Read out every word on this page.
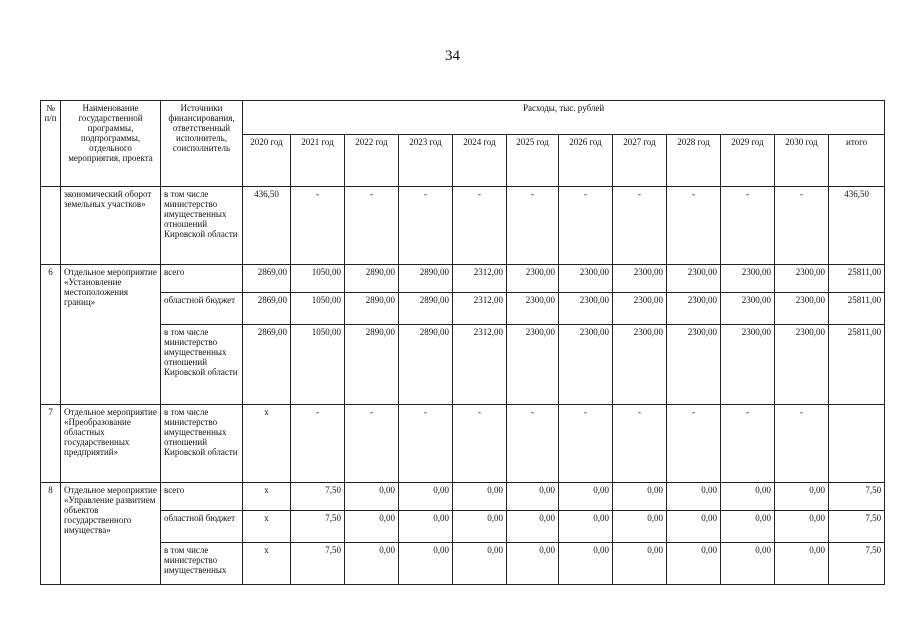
34
№ п/п	Наименование государственной программы, подпрограммы, отдельного мероприятия, проекта	Источники финансирования, ответственный исполнитель, соисполнитель	Расходы, тыс. рублей											
			2020 год	2021 год	2022 год	2023 год	2024 год	2025 год	2026 год	2027 год	2028 год	2029 год	2030 год	итого
	экономический оборот земельных участков»	в том числе министерство имущественных отношений Кировской области	436,50	-	-	-	-	-	-	-	-	-	-	436,50
6	Отдельное мероприятие «Установление местоположения границ»	всего	2869,00	1050,00	2890,00	2890,00	2312,00	2300,00	2300,00	2300,00	2300,00	2300,00	2300,00	25811,00
		областной бюджет	2869,00	1050,00	2890,00	2890,00	2312,00	2300,00	2300,00	2300,00	2300,00	2300,00	2300,00	25811,00
		в том числе министерство имущественных отношений Кировской области	2869,00	1050,00	2890,00	2890,00	2312,00	2300,00	2300,00	2300,00	2300,00	2300,00	2300,00	25811,00
7	Отдельное мероприятие «Преобразование областных государственных предприятий»	в том числе министерство имущественных отношений Кировской области	x	-	-	-	-	-	-	-	-	-	-	
8	Отдельное мероприятие «Управление развитием объектов государственного имущества»	всего	x	7,50	0,00	0,00	0,00	0,00	0,00	0,00	0,00	0,00	0,00	7,50
		областной бюджет	x	7,50	0,00	0,00	0,00	0,00	0,00	0,00	0,00	0,00	0,00	7,50
		в том числе министерство имущественных	x	7,50	0,00	0,00	0,00	0,00	0,00	0,00	0,00	0,00	0,00	7,50
